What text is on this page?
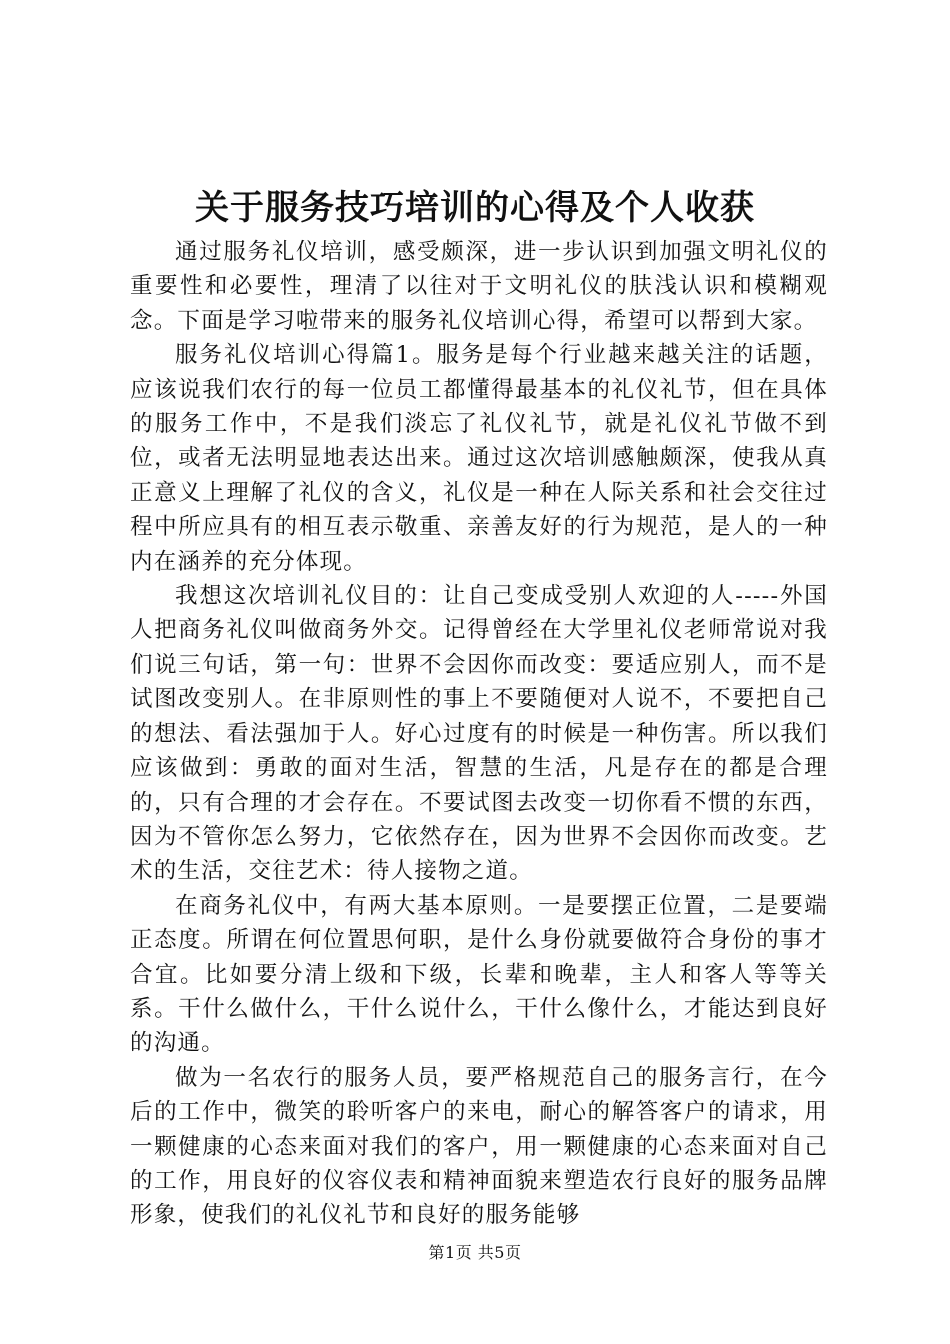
关于服务技巧培训的心得及个人收获

通过服务礼仪培训，感受颇深，进一步认识到加强文明礼仪的重要性和必要性，理清了以往对于文明礼仪的肤浅认识和模糊观念。下面是学习啦带来的服务礼仪培训心得，希望可以帮到大家。

服务礼仪培训心得篇1。服务是每个行业越来越关注的话题，应该说我们农行的每一位员工都懂得最基本的礼仪礼节，但在具体的服务工作中，不是我们淡忘了礼仪礼节，就是礼仪礼节做不到位，或者无法明显地表达出来。通过这次培训感触颇深，使我从真正意义上理解了礼仪的含义，礼仪是一种在人际关系和社会交往过程中所应具有的相互表示敬重、亲善友好的行为规范，是人的一种内在涵养的充分体现。

我想这次培训礼仪目的：让自己变成受别人欢迎的人-----外国人把商务礼仪叫做商务外交。记得曾经在大学里礼仪老师常说对我们说三句话，第一句：世界不会因你而改变：要适应别人，而不是试图改变别人。在非原则性的事上不要随便对人说不，不要把自己的想法、看法强加于人。好心过度有的时候是一种伤害。所以我们应该做到：勇敢的面对生活，智慧的生活，凡是存在的都是合理的，只有合理的才会存在。不要试图去改变一切你看不惯的东西，因为不管你怎么努力，它依然存在，因为世界不会因你而改变。艺术的生活，交往艺术：待人接物之道。

在商务礼仪中，有两大基本原则。一是要摆正位置，二是要端正态度。所谓在何位置思何职，是什么身份就要做符合身份的事才合宜。比如要分清上级和下级，长辈和晚辈，主人和客人等等关系。干什么做什么，干什么说什么，干什么像什么，才能达到良好的沟通。

做为一名农行的服务人员，要严格规范自己的服务言行，在今后的工作中，微笑的聆听客户的来电，耐心的解答客户的请求，用一颗健康的心态来面对我们的客户，用一颗健康的心态来面对自己的工作，用良好的仪容仪表和精神面貌来塑造农行良好的服务品牌形象，使我们的礼仪礼节和良好的服务能够

第1页 共5页
